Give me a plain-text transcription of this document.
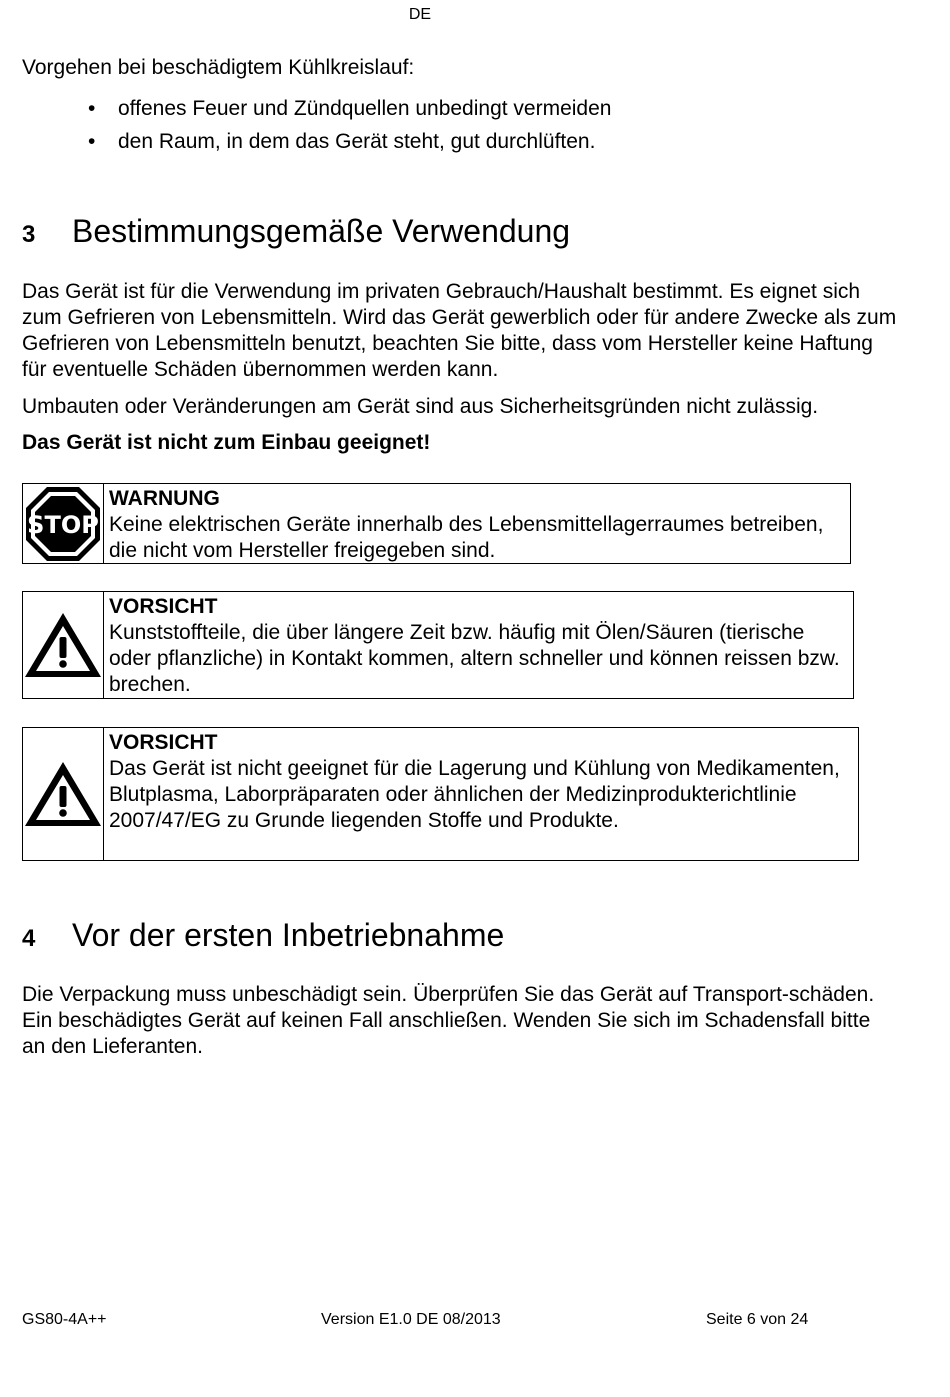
DE
Vorgehen bei beschädigtem Kühlkreislauf:
• offenes Feuer und Zündquellen unbedingt vermeiden
• den Raum, in dem das Gerät steht, gut durchlüften.
3	Bestimmungsgemäße Verwendung
Das Gerät ist für die Verwendung im privaten Gebrauch/Haushalt bestimmt. Es eignet sich zum Gefrieren von Lebensmitteln. Wird das Gerät gewerblich oder für andere Zwecke als zum Gefrieren von Lebensmitteln benutzt, beachten Sie bitte, dass vom Hersteller keine Haftung für eventuelle Schäden übernommen werden kann.
Umbauten oder Veränderungen am Gerät sind aus Sicherheitsgründen nicht zulässig.
Das Gerät ist nicht zum Einbau geeignet!
STOP
WARNUNG
Keine elektrischen Geräte innerhalb des Lebensmittellagerraumes betreiben, die nicht vom Hersteller freigegeben sind.
VORSICHT
Kunststoffteile, die über längere Zeit bzw. häufig mit Ölen/Säuren (tierische oder pflanzliche) in Kontakt kommen, altern schneller und können reissen bzw. brechen.
VORSICHT
Das Gerät ist nicht geeignet für die Lagerung und Kühlung von Medikamenten, Blutplasma, Laborpräparaten oder ähnlichen der Medizinprodukterichtlinie 2007/47/EG zu Grunde liegenden Stoffe und Produkte.
4	Vor der ersten Inbetriebnahme
Die Verpackung muss unbeschädigt sein. Überprüfen Sie das Gerät auf Transport-schäden. Ein beschädigtes Gerät auf keinen Fall anschließen. Wenden Sie sich im Schadensfall bitte an den Lieferanten.
GS80-4A++	Version E1.0 DE 08/2013	Seite 6 von 24
